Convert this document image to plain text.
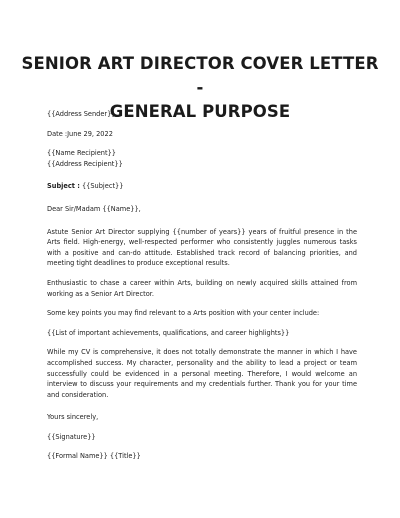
SENIOR ART DIRECTOR COVER LETTER -
GENERAL PURPOSE
{{Address Sender}}
Date :June 29, 2022
{{Name Recipient}}
{{Address Recipient}}
Subject : {{Subject}}
Dear Sir/Madam {{Name}},

Astute Senior Art Director supplying {{number of years}} years of fruitful presence in the Arts field. High-energy, well-respected performer who consistently juggles numerous tasks with a positive and can-do attitude. Established track record of balancing priorities, and meeting tight deadlines to produce exceptional results.

Enthusiastic to chase a career within Arts, building on newly acquired skills attained from working as a Senior Art Director.

Some key points you may find relevant to a Arts position with your center include:
{{List of important achievements, qualifications, and career highlights}}

While my CV is comprehensive, it does not totally demonstrate the manner in which I have accomplished success. My character, personality and the ability to lead a project or team successfully could be evidenced in a personal meeting. Therefore, I would welcome an interview to discuss your requirements and my credentials further. Thank you for your time and consideration.

Yours sincerely,
{{Signature}}
{{Formal Name}} {{Title}}
